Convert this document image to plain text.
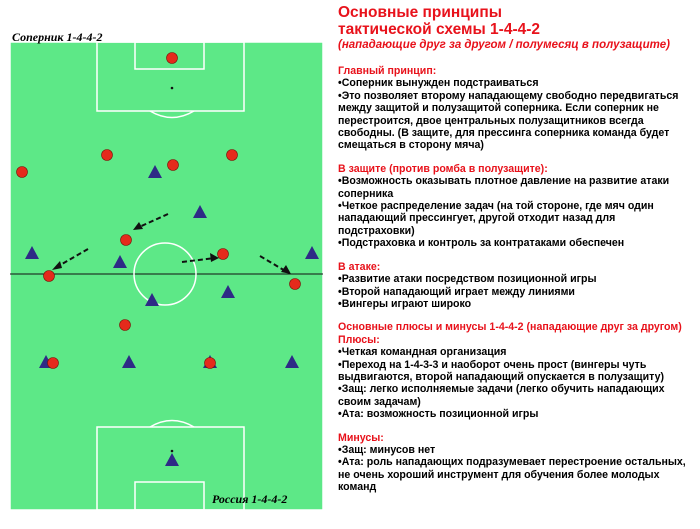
Соперник 1-4-4-2
Россия 1-4-4-2
Основные принципы
тактической схемы 1-4-4-2
(нападающие друг за другом / полумесяц в полузащите)
Главный принцип:
•Соперник вынужден подстраиваться
•Это позволяет второму нападающему свободно передвигаться
между защитой и полузащитой соперника. Если соперник не
перестроится, двое центральных полузащитников всегда
свободны. (В защите, для прессинга соперника команда будет
смещаться в сторону мяча)
В защите (против ромба в полузащите):
•Возможность оказывать плотное давление на развитие атаки
соперника
•Четкое распределение задач (на той стороне, где мяч один
нападающий прессингует, другой отходит назад для
подстраховки)
•Подстраховка и контроль за контратаками обеспечен
В атаке:
•Развитие атаки посредством позиционной игры
•Второй нападающий играет между линиями
•Вингеры играют широко
Основные плюсы и минусы 1-4-4-2 (нападающие друг за другом)
Плюсы:
•Четкая командная организация
•Переход на 1-4-3-3 и наоборот очень прост (вингеры чуть
выдвигаются, второй нападающий опускается в полузащиту)
•Защ: легко исполняемые задачи (легко обучить нападающих
своим задачам)
•Ата: возможность позиционной игры
Минусы:
•Защ: минусов нет
•Ата: роль нападающих подразумевает перестроение остальных,
не очень хороший инструмент для обучения более молодых
команд
